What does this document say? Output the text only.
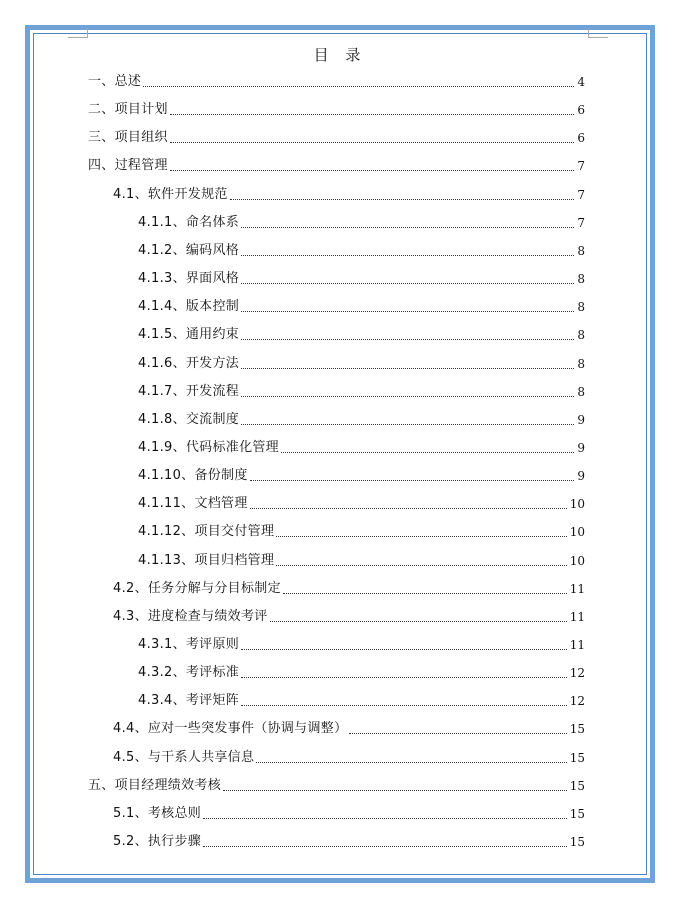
目 录
一、总述	4
二、项目计划	6
三、项目组织	6
四、过程管理	7
4.1、软件开发规范	7
4.1.1、命名体系	7
4.1.2、编码风格	8
4.1.3、界面风格	8
4.1.4、版本控制	8
4.1.5、通用约束	8
4.1.6、开发方法	8
4.1.7、开发流程	8
4.1.8、交流制度	9
4.1.9、代码标准化管理	9
4.1.10、备份制度	9
4.1.11、文档管理	10
4.1.12、项目交付管理	10
4.1.13、项目归档管理	10
4.2、任务分解与分目标制定	11
4.3、进度检查与绩效考评	11
4.3.1、考评原则	11
4.3.2、考评标准	12
4.3.4、考评矩阵	12
4.4、应对一些突发事件（协调与调整）	15
4.5、与干系人共享信息	15
五、项目经理绩效考核	15
5.1、考核总则	15
5.2、执行步骤	15
